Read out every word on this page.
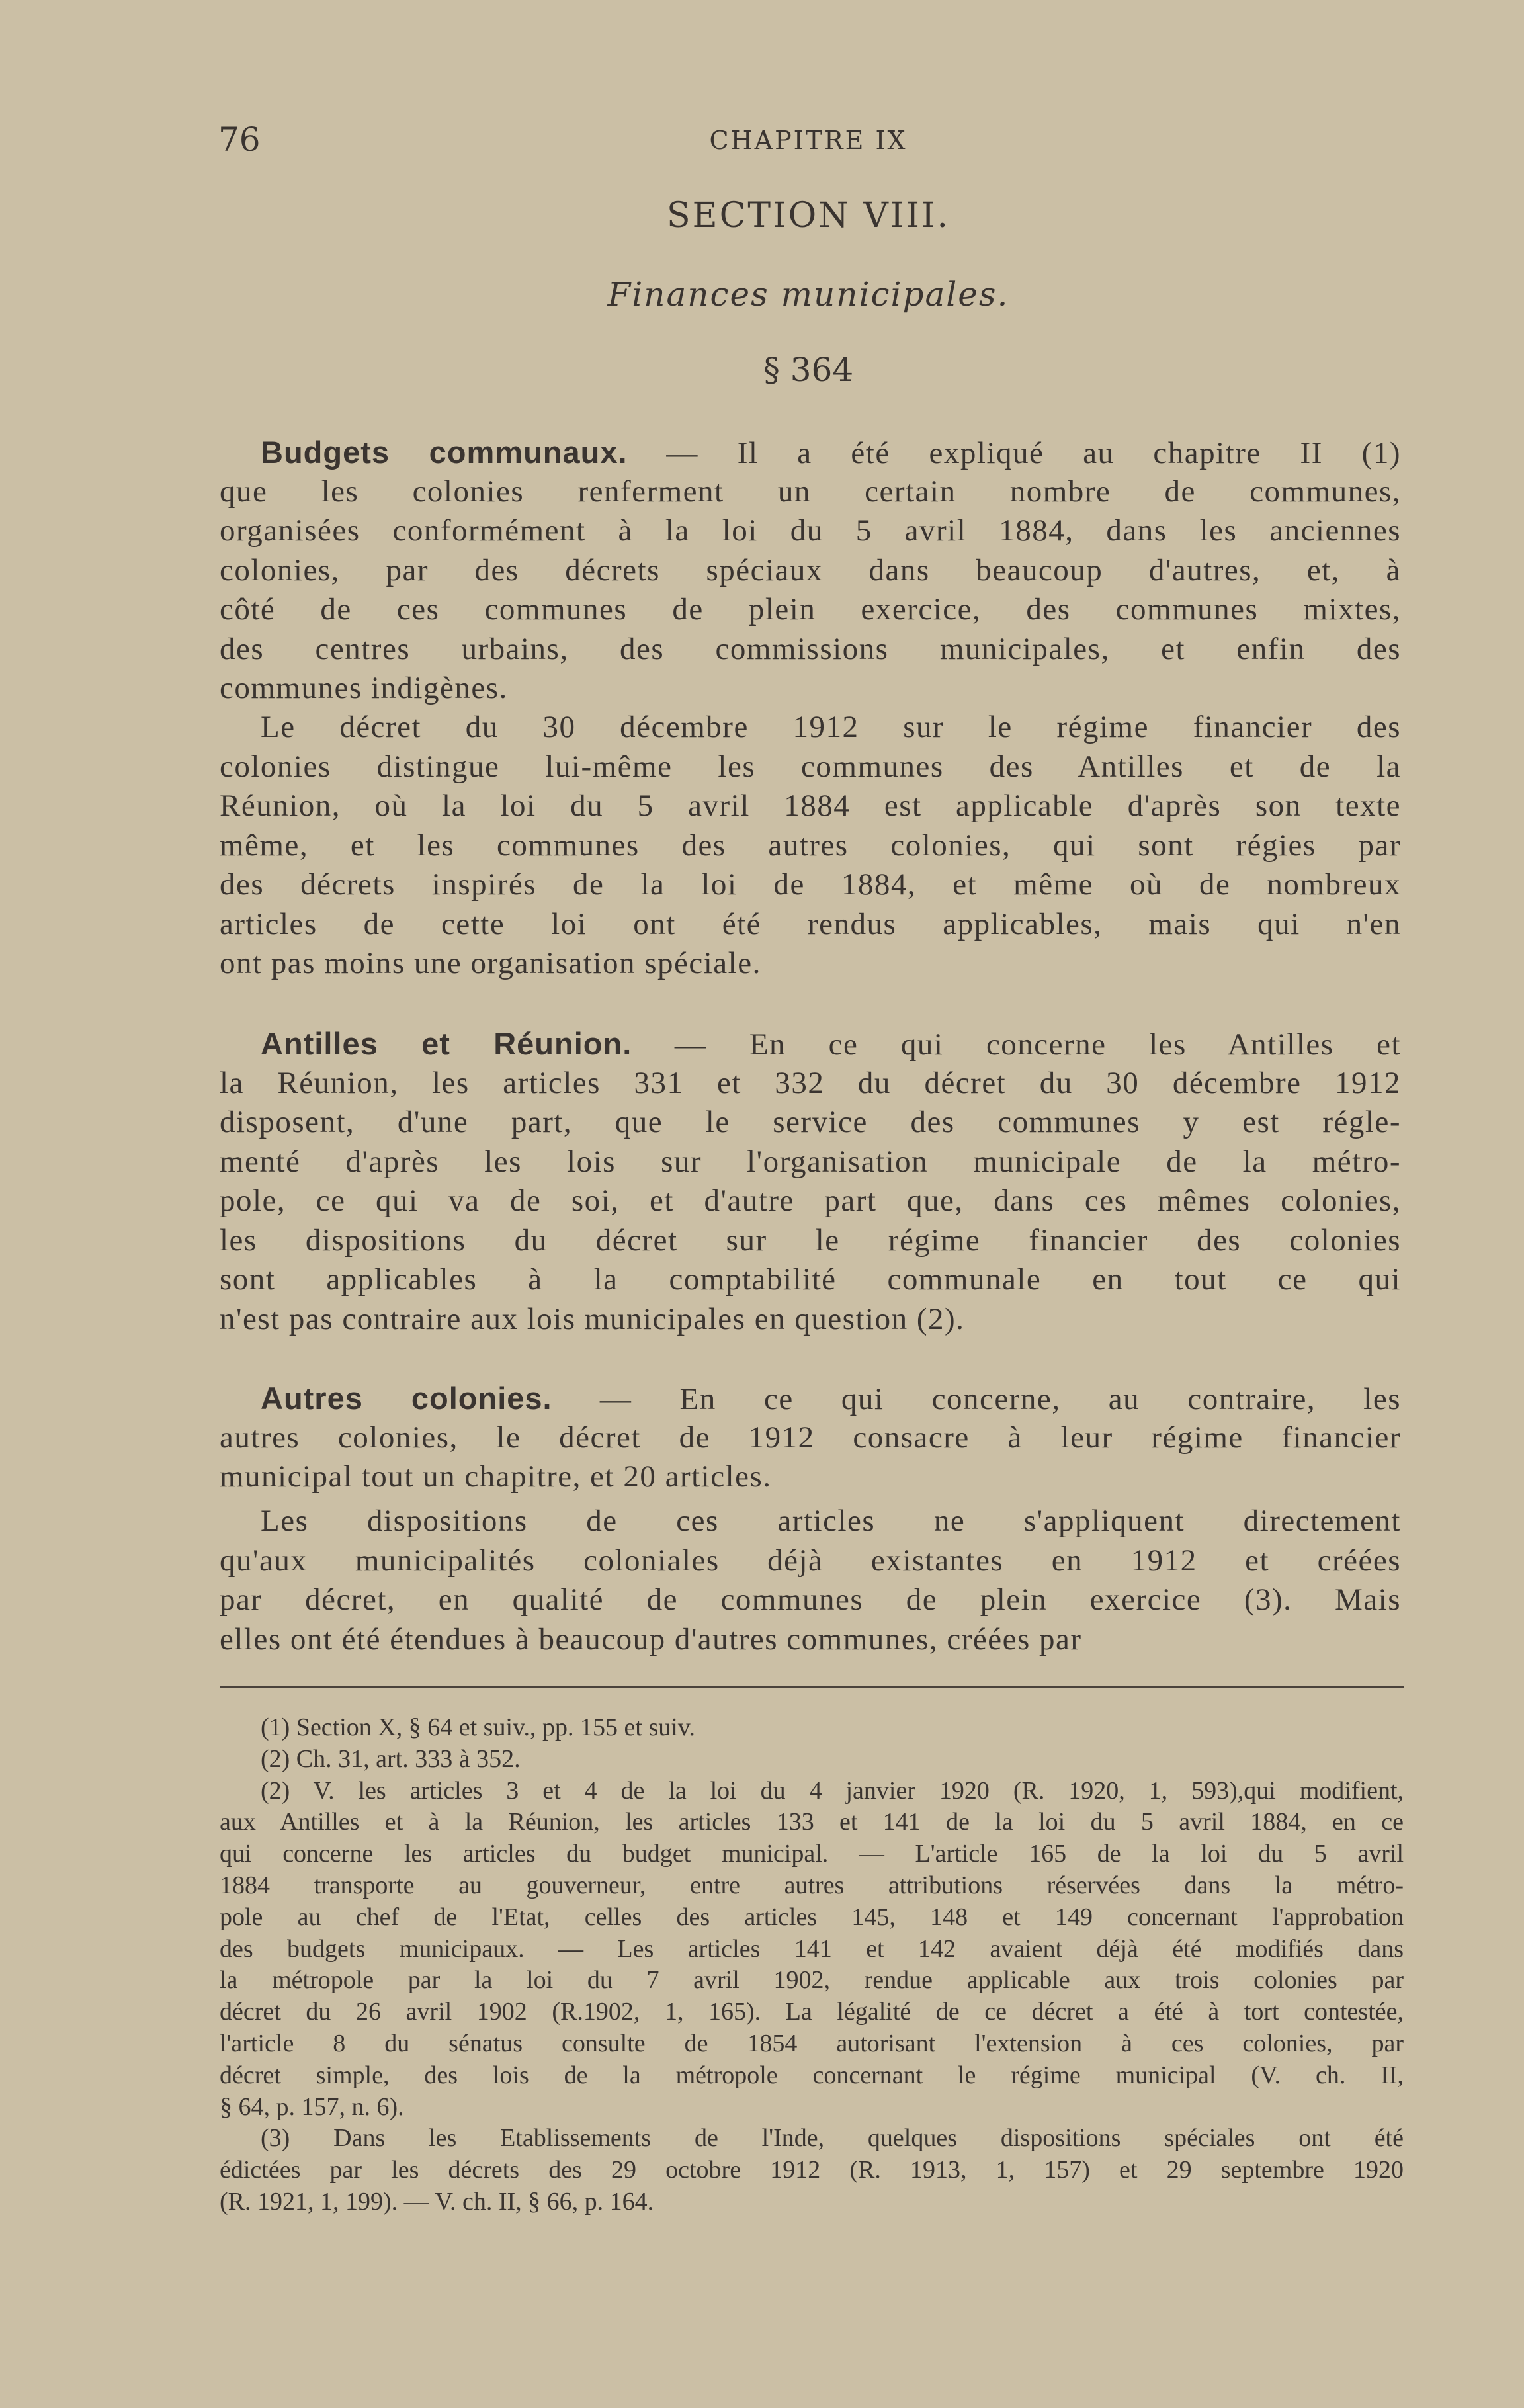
76	CHAPITRE IX
SECTION VIII.
Finances municipales.
§ 364
Budgets communaux. — Il a été expliqué au chapitre II (1)
que les colonies renferment un certain nombre de communes,
organisées conformément à la loi du 5 avril 1884, dans les anciennes
colonies, par des décrets spéciaux dans beaucoup d'autres, et, à
côté de ces communes de plein exercice, des communes mixtes,
des centres urbains, des commissions municipales, et enfin des
communes indigènes.
Le décret du 30 décembre 1912 sur le régime financier des
colonies distingue lui-même les communes des Antilles et de la
Réunion, où la loi du 5 avril 1884 est applicable d'après son texte
même, et les communes des autres colonies, qui sont régies par
des décrets inspirés de la loi de 1884, et même où de nombreux
articles de cette loi ont été rendus applicables, mais qui n'en
ont pas moins une organisation spéciale.
Antilles et Réunion. — En ce qui concerne les Antilles et
la Réunion, les articles 331 et 332 du décret du 30 décembre 1912
disposent, d'une part, que le service des communes y est régle-
menté d'après les lois sur l'organisation municipale de la métro-
pole, ce qui va de soi, et d'autre part que, dans ces mêmes colonies,
les dispositions du décret sur le régime financier des colonies
sont applicables à la comptabilité communale en tout ce qui
n'est pas contraire aux lois municipales en question (2).
Autres colonies. — En ce qui concerne, au contraire, les
autres colonies, le décret de 1912 consacre à leur régime financier
municipal tout un chapitre, et 20 articles.
Les dispositions de ces articles ne s'appliquent directement
qu'aux municipalités coloniales déjà existantes en 1912 et créées
par décret, en qualité de communes de plein exercice (3). Mais
elles ont été étendues à beaucoup d'autres communes, créées par
(1) Section X, § 64 et suiv., pp. 155 et suiv.
(2) Ch. 31, art. 333 à 352.
(2) V. les articles 3 et 4 de la loi du 4 janvier 1920 (R. 1920, 1, 593),qui modifient,
aux Antilles et à la Réunion, les articles 133 et 141 de la loi du 5 avril 1884, en ce
qui concerne les articles du budget municipal. — L'article 165 de la loi du 5 avril
1884 transporte au gouverneur, entre autres attributions réservées dans la métro-
pole au chef de l'Etat, celles des articles 145, 148 et 149 concernant l'approbation
des budgets municipaux. — Les articles 141 et 142 avaient déjà été modifiés dans
la métropole par la loi du 7 avril 1902, rendue applicable aux trois colonies par
décret du 26 avril 1902 (R.1902, 1, 165). La légalité de ce décret a été à tort contestée,
l'article 8 du sénatus consulte de 1854 autorisant l'extension à ces colonies, par
décret simple, des lois de la métropole concernant le régime municipal (V. ch. II,
§ 64, p. 157, n. 6).
(3) Dans les Etablissements de l'Inde, quelques dispositions spéciales ont été
édictées par les décrets des 29 octobre 1912 (R. 1913, 1, 157) et 29 septembre 1920
(R. 1921, 1, 199). — V. ch. II, § 66, p. 164.
